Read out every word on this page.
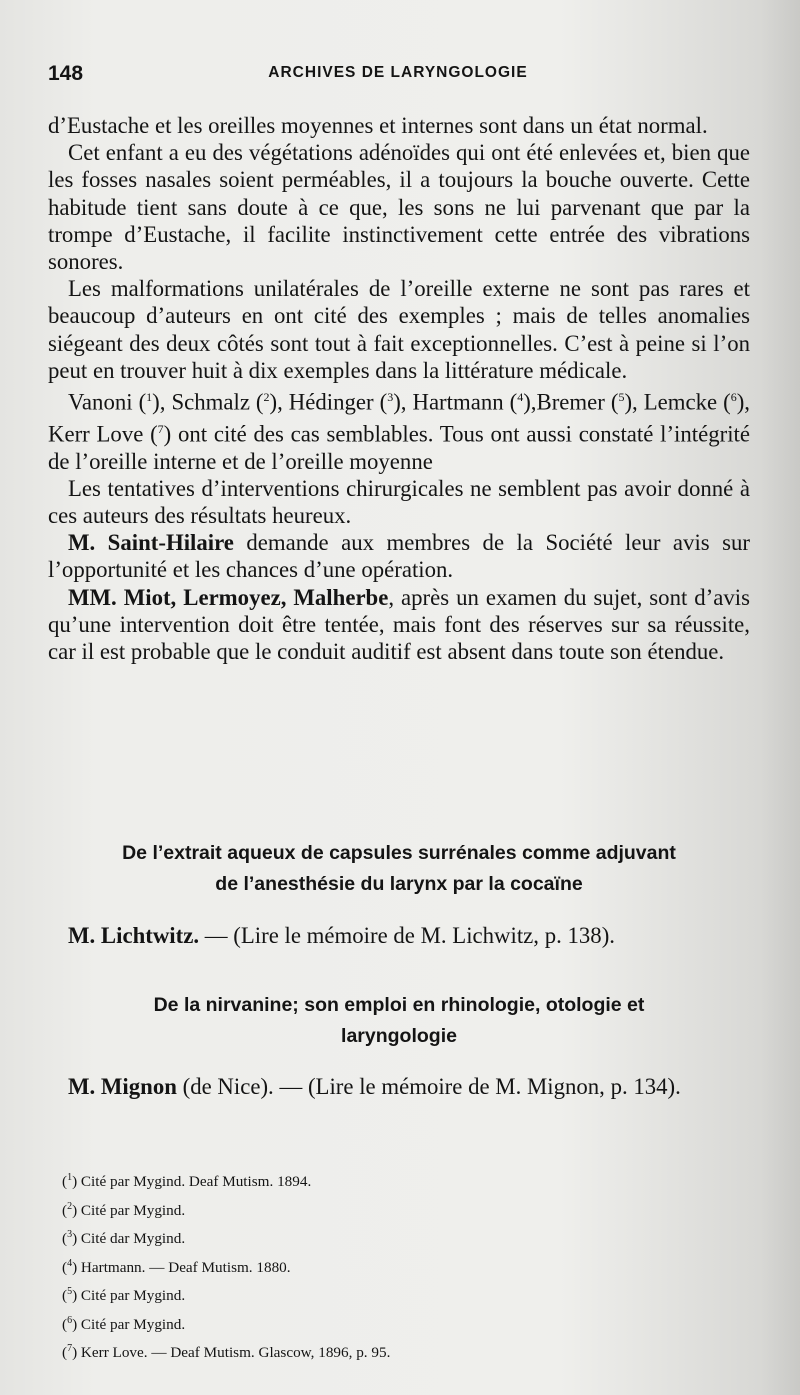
148	ARCHIVES DE LARYNGOLOGIE

d’Eustache et les oreilles moyennes et internes sont dans un état normal.

Cet enfant a eu des végétations adénoïdes qui ont été enlevées et, bien que les fosses nasales soient perméables, il a toujours la bouche ouverte. Cette habitude tient sans doute à ce que, les sons ne lui parvenant que par la trompe d’Eustache, il facilite instinctivement cette entrée des vibrations sonores.

Les malformations unilatérales de l’oreille externe ne sont pas rares et beaucoup d’auteurs en ont cité des exemples ; mais de telles anomalies siégeant des deux côtés sont tout à fait exceptionnelles. C’est à peine si l’on peut en trouver huit à dix exemples dans la littérature médicale.

Vanoni ($^1$), Schmalz ($^2$), Hédinger ($^3$), Hartmann ($^4$),Bremer ($^5$), Lemcke ($^6$), Kerr Love ($^7$) ont cité des cas semblables. Tous ont aussi constaté l’intégrité de l’oreille interne et de l’oreille moyenne

Les tentatives d’interventions chirurgicales ne semblent pas avoir donné à ces auteurs des résultats heureux.

M. Saint-Hilaire demande aux membres de la Société leur avis sur l’opportunité et les chances d’une opération.

MM. Miot, Lermoyez, Malherbe, après un examen du sujet, sont d’avis qu’une intervention doit être tentée, mais font des réserves sur sa réussite, car il est probable que le conduit auditif est absent dans toute son étendue.

De l’extrait aqueux de capsules surrénales comme adjuvant
de l’anesthésie du larynx par la cocaïne
M. Lichtwitz. — (Lire le mémoire de M. Lichwitz, p. 138).
De la nirvanine; son emploi en rhinologie, otologie et
laryngologie
M. Mignon (de Nice). — (Lire le mémoire de M. Mignon, p. 134).

($^1$) Cité par Mygind. Deaf Mutism. 1894.

($^2$) Cité par Mygind.

($^3$) Cité dar Mygind.

($^4$) Hartmann. — Deaf Mutism. 1880.

($^5$) Cité par Mygind.

($^6$) Cité par Mygind.

($^7$) Kerr Love. — Deaf Mutism. Glascow, 1896, p. 95.
